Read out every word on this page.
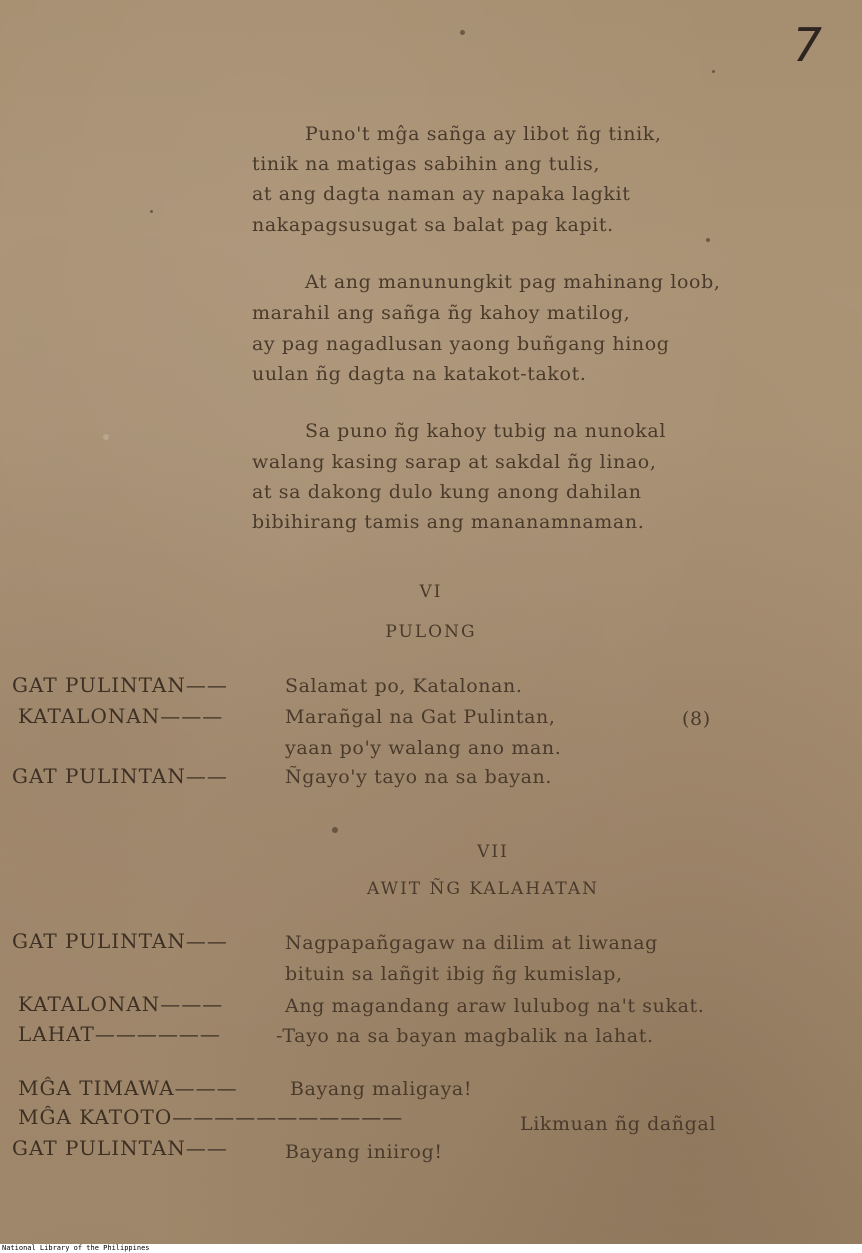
7
Puno't mĝa sañga ay libot ñg tinik,
tinik na matigas sabihin ang tulis,
at ang dagta naman ay napaka lagkit
nakapagsusugat sa balat pag kapit.
At ang manunungkit pag mahinang loob,
marahil ang sañga ñg kahoy matilog,
ay pag nagadlusan yaong buñgang hinog
uulan ñg dagta na katakot-takot.
Sa puno ñg kahoy tubig na nunokal
walang kasing sarap at sakdal ñg linao,
at sa dakong dulo kung anong dahilan
bibihirang tamis ang mananamnaman.
VI
PULONG
GAT PULINTAN——	Salamat po, Katalonan.
KATALONAN———	Marañgal na Gat Pulintan,	(8)
yaan po'y walang ano man.
GAT PULINTAN——	Ñgayo'y tayo na sa bayan.
VII
AWIT ÑG KALAHATAN
GAT PULINTAN——	Nagpapañgagaw na dilim at liwanag
bituin sa lañgit ibig ñg kumislap,
KATALONAN———	Ang magandang araw lulubog na't sukat.
LAHAT——————	-Tayo na sa bayan magbalik na lahat.
MĜA TIMAWA———	Bayang maligaya!
MĜA KATOTO———————————	Likmuan ñg dañgal
GAT PULINTAN——	Bayang iniirog!
National Library of the Philippines
